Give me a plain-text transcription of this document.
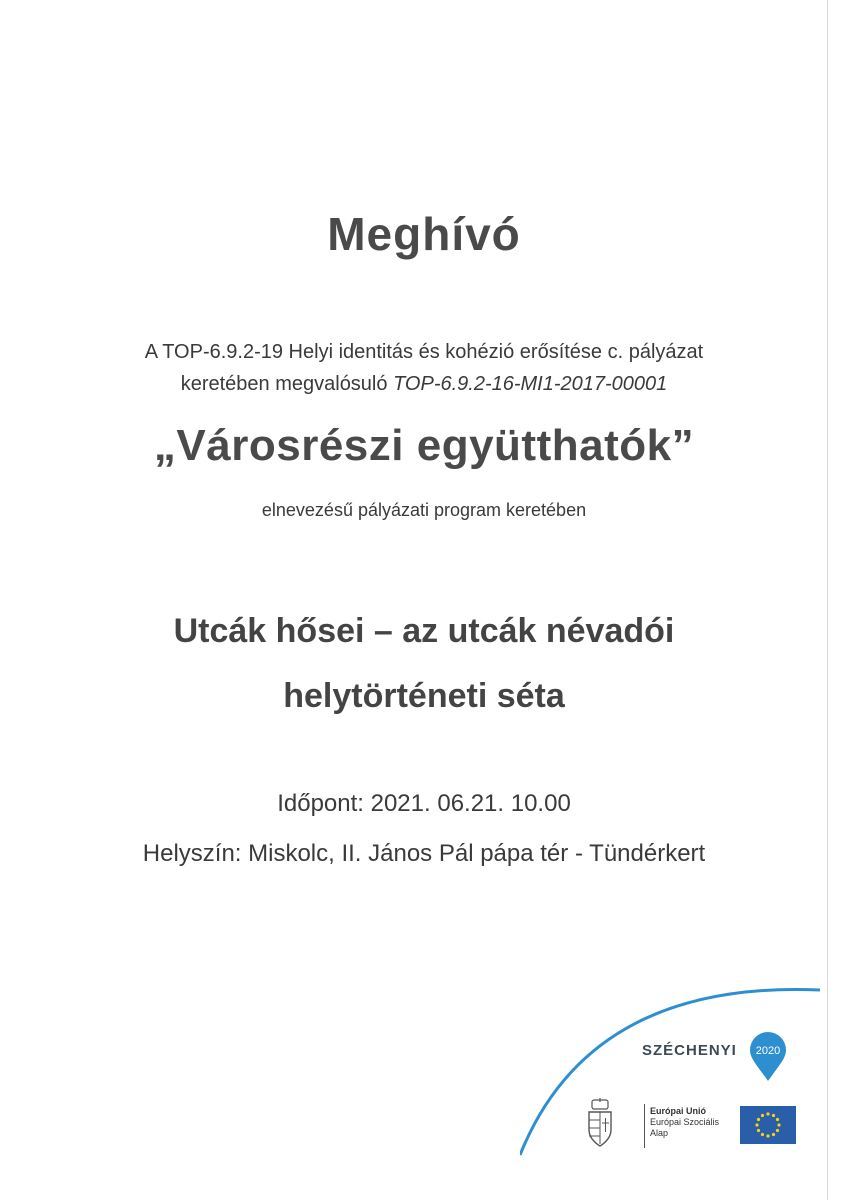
Meghívó
A TOP-6.9.2-19 Helyi identitás és kohézió erősítése c. pályázat
keretében megvalósuló TOP-6.9.2-16-MI1-2017-00001
„Városrészi együtthatók”
elnevezésű pályázati program keretében
Utcák hősei – az utcák névadói
helytörténeti séta
Időpont: 2021. 06.21. 10.00
Helyszín: Miskolc, II. János Pál pápa tér - Tündérkert
SZÉCHENYI 2020
Európai Unió
Európai Szociális
Alap
